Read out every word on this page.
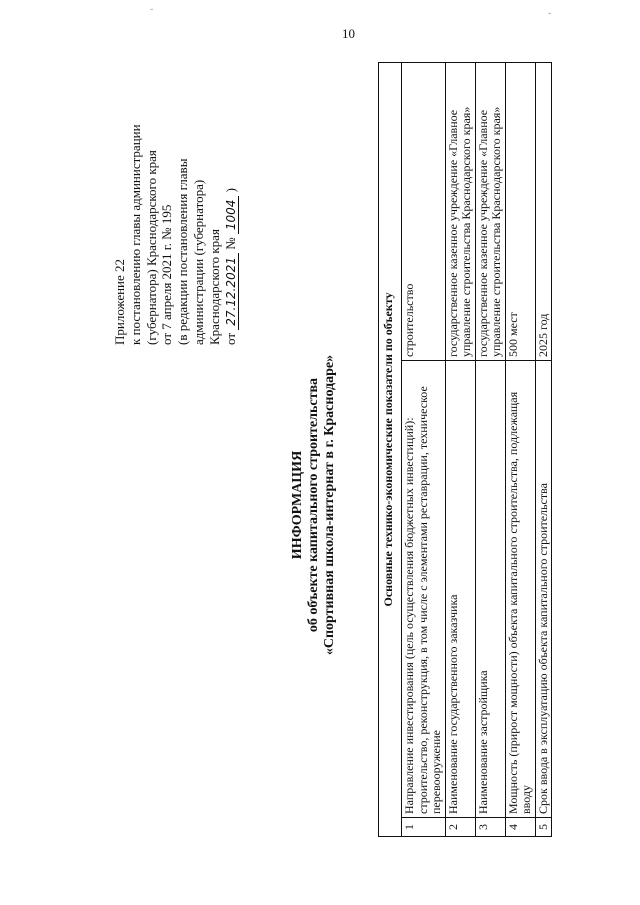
10
˘	˘
Приложение 22 к постановлению главы администрации (губернатора) Краснодарского края от 7 апреля 2021 г. № 195 (в редакции постановления главы администрации (губернатора) Краснодарского края от 27.12.2021 № 1004 )
ИНФОРМАЦИЯ об объекте капитального строительства «Спортивная школа-интернат в г. Краснодаре»	Основные технико-экономические показатели по объекту		
1	Направление инвестирования (цель осуществления бюджетных инвестиций): строительство, реконструкция, в том числе с элементами реставрации, техническое перевооружение	строительство
2	Наименование государственного заказчика	государственное казенное учреждение «Главное управление строительства Краснодарского края»
3	Наименование застройщика	государственное казенное учреждение «Главное управление строительства Краснодарского края»
4	Мощность (прирост мощности) объекта капитального строительства, подлежащая вводу	500 мест
5	Срок ввода в эксплуатацию объекта капитального строительства	2025 год
